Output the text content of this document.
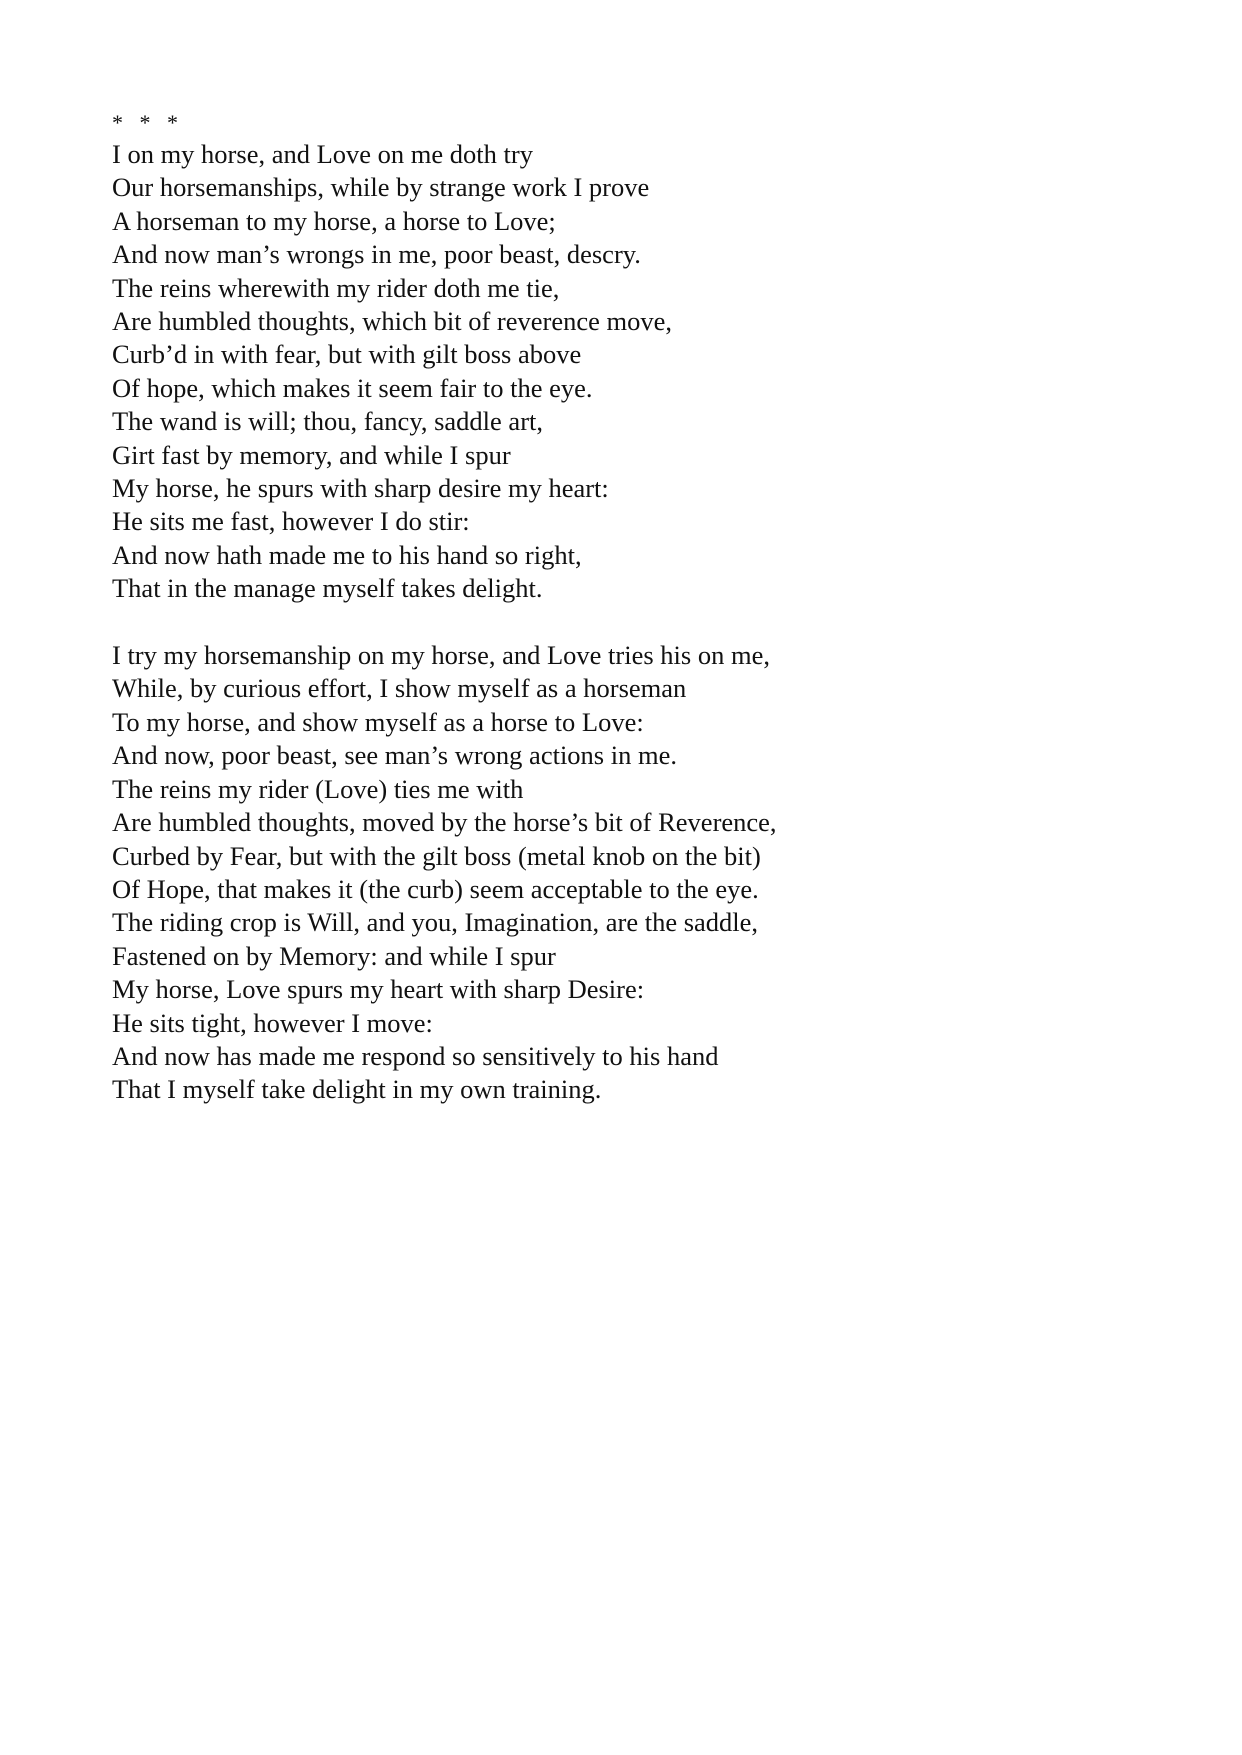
*   *   *
I on my horse, and Love on me doth try
Our horsemanships, while by strange work I prove
A horseman to my horse, a horse to Love;
And now man’s wrongs in me, poor beast, descry.
The reins wherewith my rider doth me tie,
Are humbled thoughts, which bit of reverence move,
Curb’d in with fear, but with gilt boss above
Of hope, which makes it seem fair to the eye.
The wand is will; thou, fancy, saddle art,
Girt fast by memory, and while I spur
My horse, he spurs with sharp desire my heart:
He sits me fast, however I do stir:
And now hath made me to his hand so right,
That in the manage myself takes delight.
I try my horsemanship on my horse, and Love tries his on me,
While, by curious effort, I show myself as a horseman
To my horse, and show myself as a horse to Love:
And now, poor beast, see man’s wrong actions in me.
The reins my rider (Love) ties me with
Are humbled thoughts, moved by the horse’s bit of Reverence,
Curbed by Fear, but with the gilt boss (metal knob on the bit)
Of Hope, that makes it (the curb) seem acceptable to the eye.
The riding crop is Will, and you, Imagination, are the saddle,
Fastened on by Memory: and while I spur
My horse, Love spurs my heart with sharp Desire:
He sits tight, however I move:
And now has made me respond so sensitively to his hand
That I myself take delight in my own training.
